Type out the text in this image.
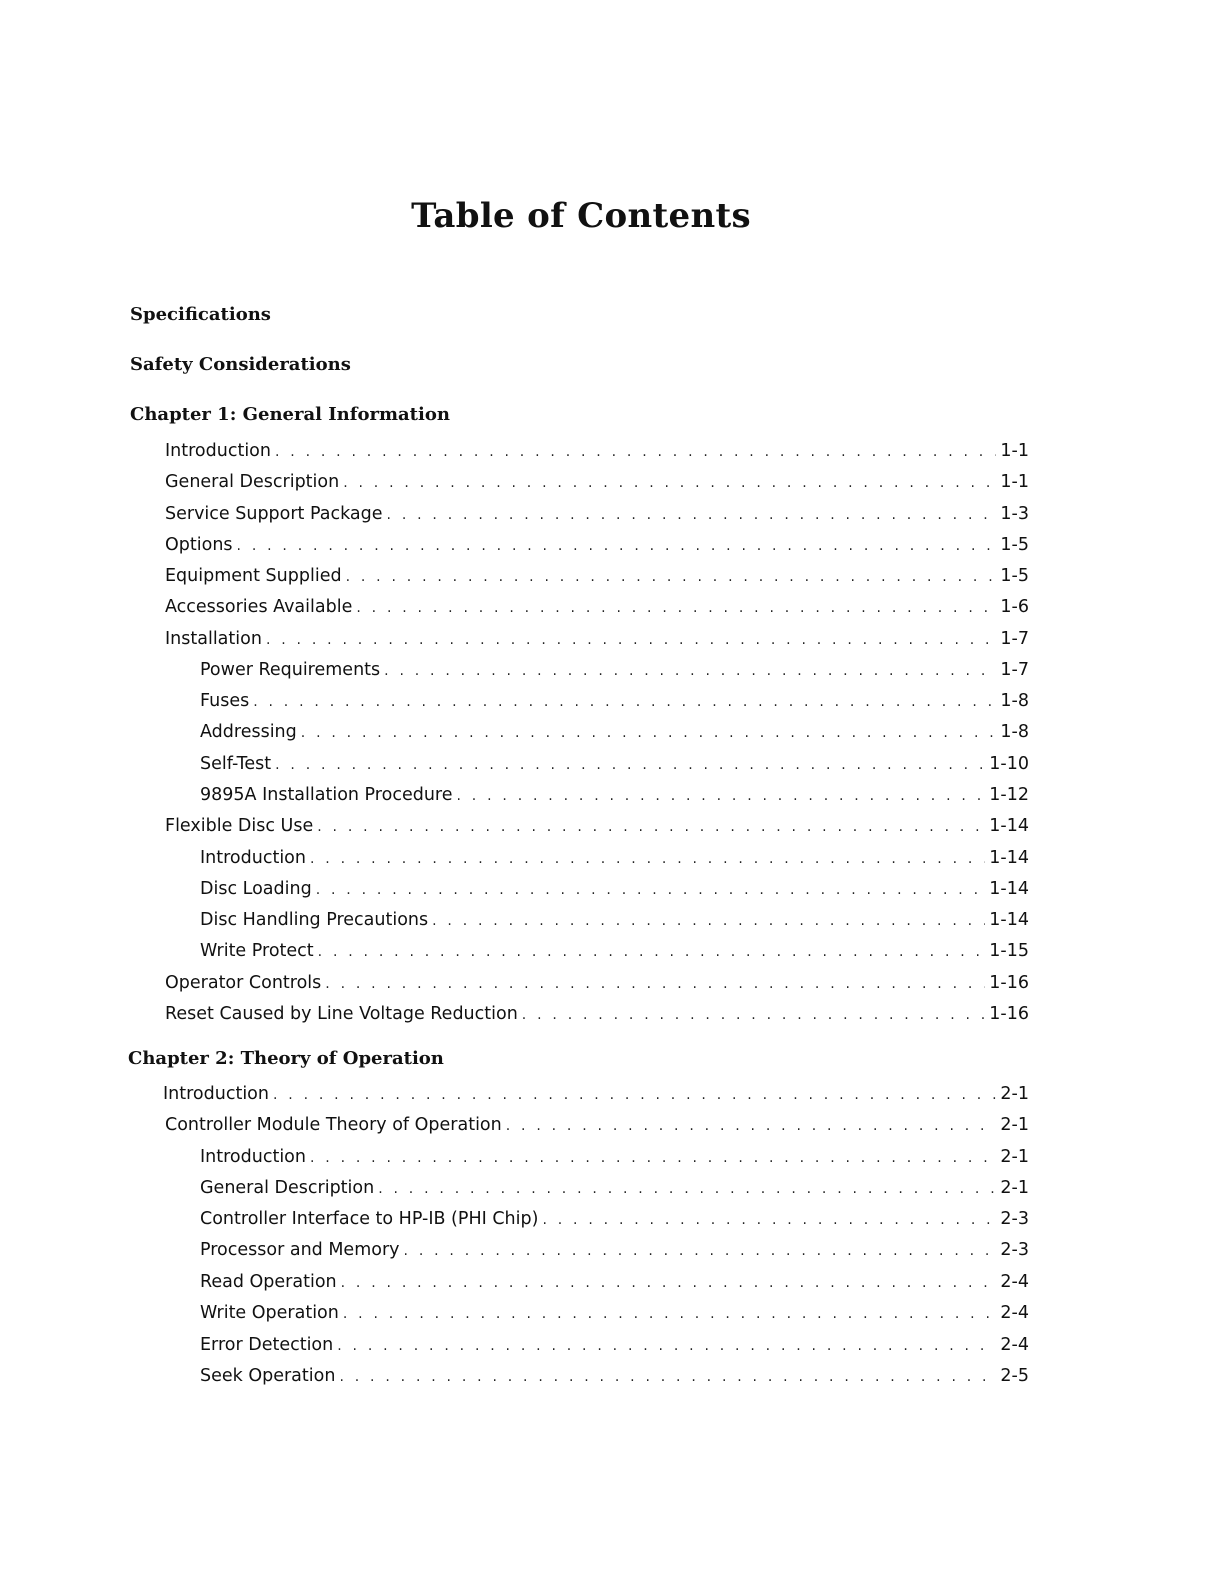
Table of Contents
Specifications
Safety Considerations
Chapter 1: General Information
Introduction . . .	1-1
General Description . . .	1-1
Service Support Package . . .	1-3
Options . . .	1-5
Equipment Supplied . . .	1-5
Accessories Available . . .	1-6
Installation . . .	1-7
Power Requirements . . .	1-7
Fuses . . .	1-8
Addressing . . .	1-8
Self-Test . . .	1-10
9895A Installation Procedure . . .	1-12
Flexible Disc Use . . .	1-14
Introduction . . .	1-14
Disc Loading . . .	1-14
Disc Handling Precautions . . .	1-14
Write Protect . . .	1-15
Operator Controls . . .	1-16
Reset Caused by Line Voltage Reduction . . .	1-16
Chapter 2: Theory of Operation
Introduction . . .	2-1
Controller Module Theory of Operation . . .	2-1
Introduction . . .	2-1
General Description . . .	2-1
Controller Interface to HP-IB (PHI Chip) . . .	2-3
Processor and Memory . . .	2-3
Read Operation . . .	2-4
Write Operation . . .	2-4
Error Detection . . .	2-4
Seek Operation . . .	2-5
